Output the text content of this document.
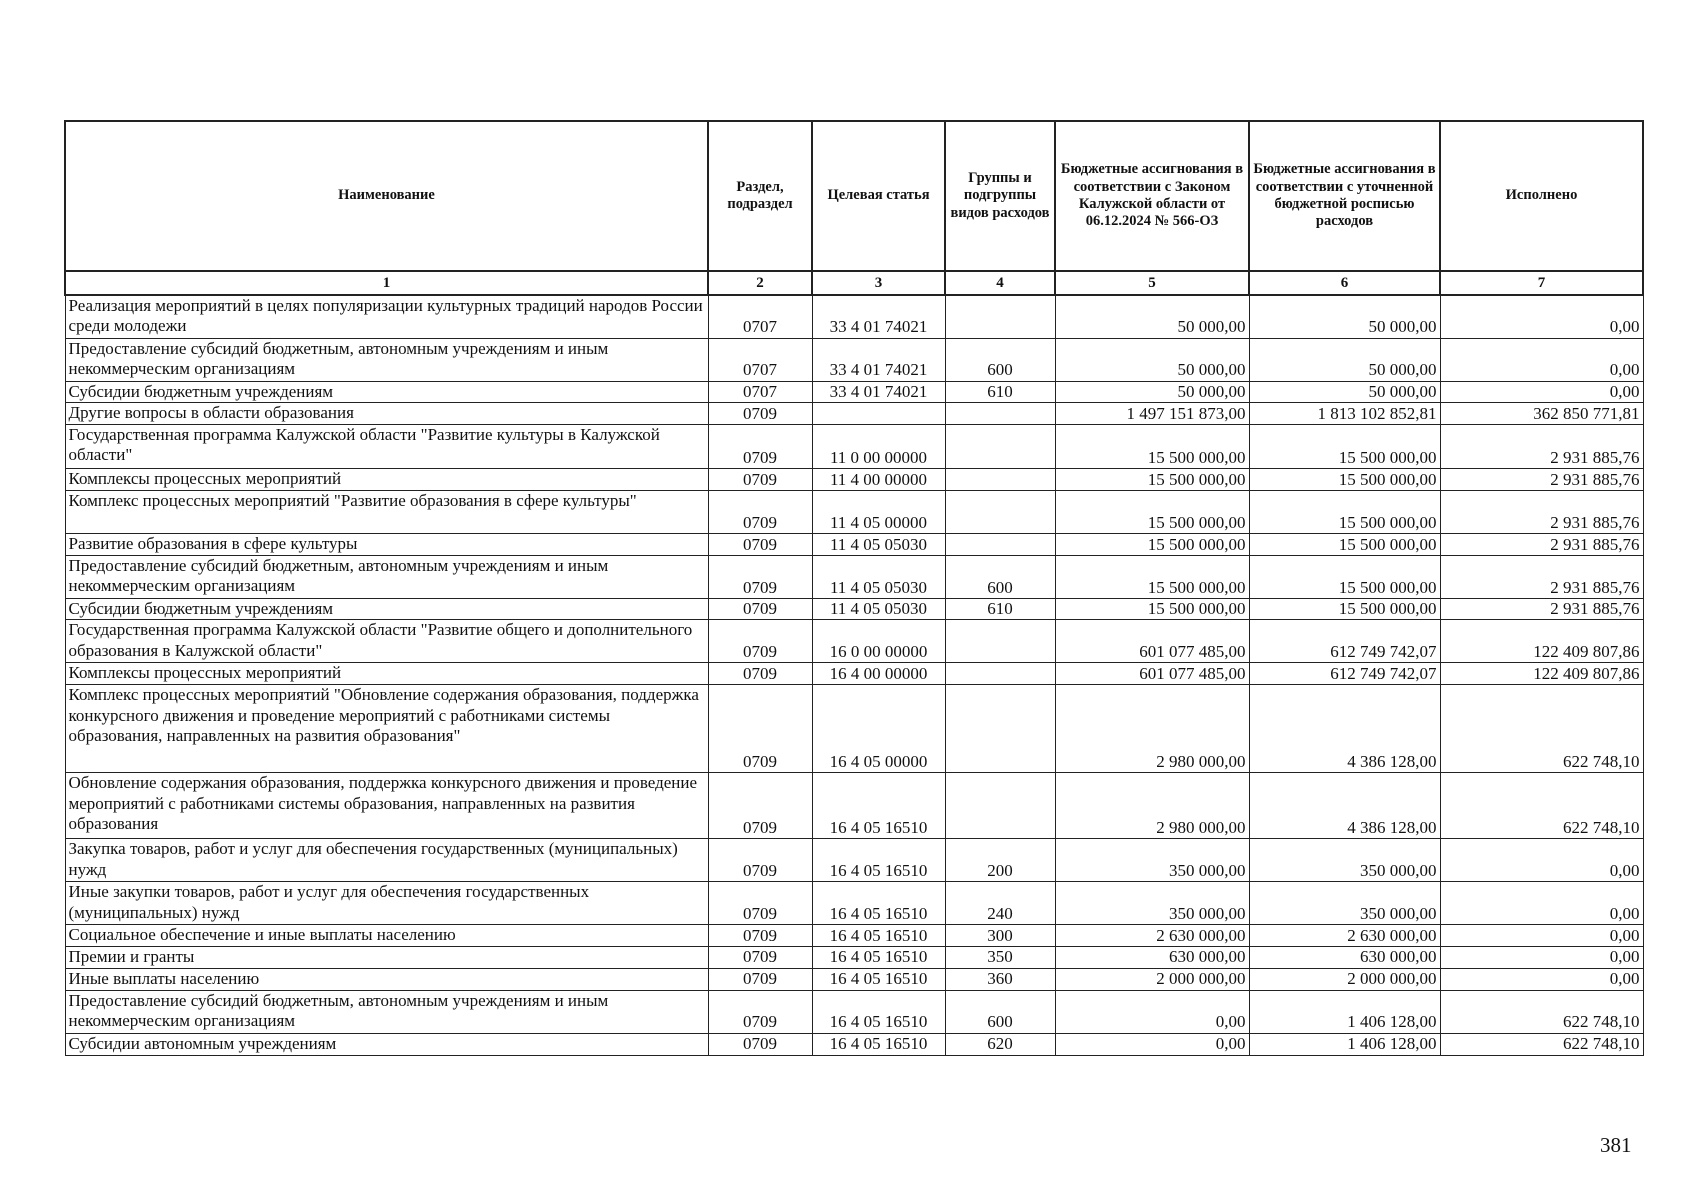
Наименование	Раздел, подраздел	Целевая статья	Группы и подгруппы видов расходов	Бюджетные ассигнования в соответствии с Законом Калужской области от 06.12.2024 № 566-ОЗ	Бюджетные ассигнования в соответствии с уточненной бюджетной росписью расходов	Исполнено
1	2	3	4	5	6	7
Реализация мероприятий в целях популяризации культурных традиций народов России среди молодежи	0707	33 4 01 74021		50 000,00	50 000,00	0,00
Предоставление субсидий бюджетным, автономным учреждениям и иным некоммерческим организациям	0707	33 4 01 74021	600	50 000,00	50 000,00	0,00
Субсидии бюджетным учреждениям	0707	33 4 01 74021	610	50 000,00	50 000,00	0,00
Другие вопросы в области образования	0709			1 497 151 873,00	1 813 102 852,81	362 850 771,81
Государственная программа Калужской области "Развитие культуры в Калужской области"	0709	11 0 00 00000		15 500 000,00	15 500 000,00	2 931 885,76
Комплексы процессных мероприятий	0709	11 4 00 00000		15 500 000,00	15 500 000,00	2 931 885,76
Комплекс процессных мероприятий "Развитие образования в сфере культуры"	0709	11 4 05 00000		15 500 000,00	15 500 000,00	2 931 885,76
Развитие образования в сфере культуры	0709	11 4 05 05030		15 500 000,00	15 500 000,00	2 931 885,76
Предоставление субсидий бюджетным, автономным учреждениям и иным некоммерческим организациям	0709	11 4 05 05030	600	15 500 000,00	15 500 000,00	2 931 885,76
Субсидии бюджетным учреждениям	0709	11 4 05 05030	610	15 500 000,00	15 500 000,00	2 931 885,76
Государственная программа Калужской области "Развитие общего и дополнительного образования в Калужской области"	0709	16 0 00 00000		601 077 485,00	612 749 742,07	122 409 807,86
Комплексы процессных мероприятий	0709	16 4 00 00000		601 077 485,00	612 749 742,07	122 409 807,86
Комплекс процессных мероприятий "Обновление содержания образования, поддержка конкурсного движения и проведение мероприятий с работниками системы образования, направленных на развития образования"	0709	16 4 05 00000		2 980 000,00	4 386 128,00	622 748,10
Обновление содержания образования, поддержка конкурсного движения и проведение мероприятий с работниками системы образования, направленных на развития образования	0709	16 4 05 16510		2 980 000,00	4 386 128,00	622 748,10
Закупка товаров, работ и услуг для обеспечения государственных (муниципальных) нужд	0709	16 4 05 16510	200	350 000,00	350 000,00	0,00
Иные закупки товаров, работ и услуг для обеспечения государственных (муниципальных) нужд	0709	16 4 05 16510	240	350 000,00	350 000,00	0,00
Социальное обеспечение и иные выплаты населению	0709	16 4 05 16510	300	2 630 000,00	2 630 000,00	0,00
Премии и гранты	0709	16 4 05 16510	350	630 000,00	630 000,00	0,00
Иные выплаты населению	0709	16 4 05 16510	360	2 000 000,00	2 000 000,00	0,00
Предоставление субсидий бюджетным, автономным учреждениям и иным некоммерческим организациям	0709	16 4 05 16510	600	0,00	1 406 128,00	622 748,10
Субсидии автономным учреждениям	0709	16 4 05 16510	620	0,00	1 406 128,00	622 748,10
381
